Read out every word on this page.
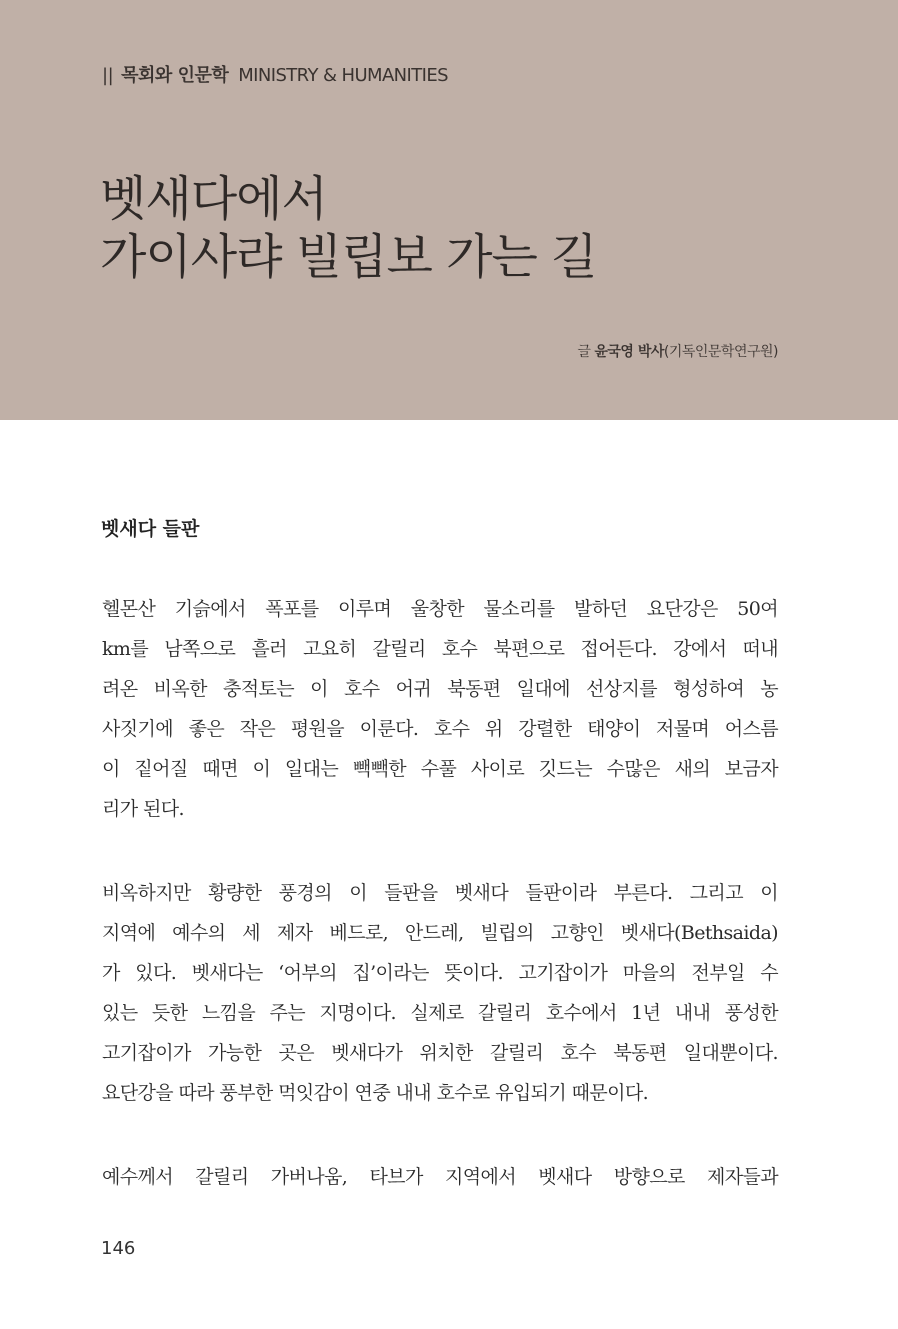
|| 목회와 인문학 MINISTRY & HUMANITIES
벳새다에서
가이사랴 빌립보 가는 길
글 윤국영 박사(기독인문학연구원)
벳새다 들판
헬몬산 기슭에서 폭포를 이루며 울창한 물소리를 발하던 요단강은 50여
km를 남쪽으로 흘러 고요히 갈릴리 호수 북편으로 접어든다. 강에서 떠내
려온 비옥한 충적토는 이 호수 어귀 북동편 일대에 선상지를 형성하여 농
사짓기에 좋은 작은 평원을 이룬다. 호수 위 강렬한 태양이 저물며 어스름
이 짙어질 때면 이 일대는 빽빽한 수풀 사이로 깃드는 수많은 새의 보금자
리가 된다.
비옥하지만 황량한 풍경의 이 들판을 벳새다 들판이라 부른다. 그리고 이
지역에 예수의 세 제자 베드로, 안드레, 빌립의 고향인 벳새다(Bethsaida)
가 있다. 벳새다는 ‘어부의 집’이라는 뜻이다. 고기잡이가 마을의 전부일 수
있는 듯한 느낌을 주는 지명이다. 실제로 갈릴리 호수에서 1년 내내 풍성한
고기잡이가 가능한 곳은 벳새다가 위치한 갈릴리 호수 북동편 일대뿐이다.
요단강을 따라 풍부한 먹잇감이 연중 내내 호수로 유입되기 때문이다.
예수께서 갈릴리 가버나움, 타브가 지역에서 벳새다 방향으로 제자들과
146
